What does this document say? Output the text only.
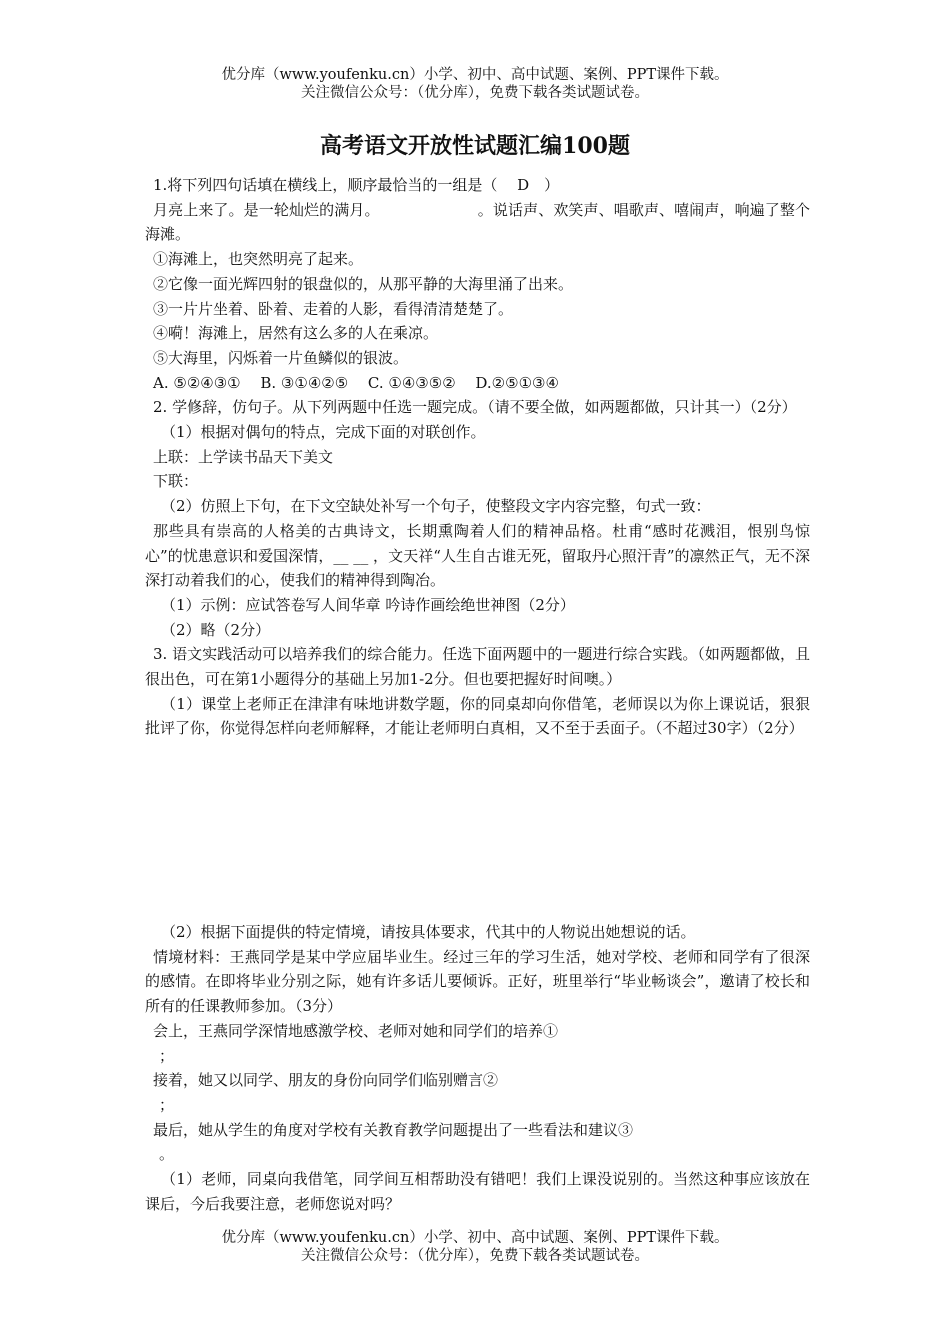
优分库（www.youfenku.cn）小学、初中、高中试题、案例、PPT课件下载。

关注微信公众号：（优分库），免费下载各类试题试卷。

高考语文开放性试题汇编100题

1.将下列四句话填在横线上，顺序最恰当的一组是（　 D　）

月亮上来了。是一轮灿烂的满月。　　　　　　　。说话声、欢笑声、唱歌声、嘻闹声，响遍了整个海滩。

①海滩上，也突然明亮了起来。

②它像一面光辉四射的银盘似的，从那平静的大海里涌了出来。

③一片片坐着、卧着、走着的人影，看得清清楚楚了。

④嗬！海滩上，居然有这么多的人在乘凉。

⑤大海里，闪烁着一片鱼鳞似的银波。

A. ⑤②④③①　 B. ③①④②⑤　 C. ①④③⑤②　 D.②⑤①③④

2. 学修辞，仿句子。从下列两题中任选一题完成。（请不要全做，如两题都做，只计其一）（2分）

（1）根据对偶句的特点，完成下面的对联创作。

上联：上学读书品天下美文

下联：

（2）仿照上下句，在下文空缺处补写一个句子，使整段文字内容完整，句式一致：

那些具有崇高的人格美的古典诗文，长期熏陶着人们的精神品格。杜甫“感时花溅泪，恨别鸟惊心”的忧患意识和爱国深情，__ __ ，文天祥“人生自古谁无死，留取丹心照汗青”的凛然正气，无不深深打动着我们的心，使我们的精神得到陶冶。

（1）示例：应试答卷写人间华章 吟诗作画绘绝世神图（2分）

（2）略（2分）

3. 语文实践活动可以培养我们的综合能力。任选下面两题中的一题进行综合实践。（如两题都做，且很出色，可在第1小题得分的基础上另加1-2分。但也要把握好时间噢。）

（1）课堂上老师正在津津有味地讲数学题，你的同桌却向你借笔，老师误以为你上课说话，狠狠批评了你，你觉得怎样向老师解释，才能让老师明白真相，又不至于丢面子。（不超过30字）（2分）

（2）根据下面提供的特定情境，请按具体要求，代其中的人物说出她想说的话。

情境材料：王燕同学是某中学应届毕业生。经过三年的学习生活，她对学校、老师和同学有了很深的感情。在即将毕业分别之际，她有许多话儿要倾诉。正好，班里举行“毕业畅谈会”，邀请了校长和所有的任课教师参加。（3分）

会上，王燕同学深情地感激学校、老师对她和同学们的培养①

；

接着，她又以同学、朋友的身份向同学们临别赠言②

；

最后，她从学生的角度对学校有关教育教学问题提出了一些看法和建议③

。

（1）老师，同桌向我借笔，同学间互相帮助没有错吧！我们上课没说别的。当然这种事应该放在课后，今后我要注意，老师您说对吗？

优分库（www.youfenku.cn）小学、初中、高中试题、案例、PPT课件下载。

关注微信公众号：（优分库），免费下载各类试题试卷。
